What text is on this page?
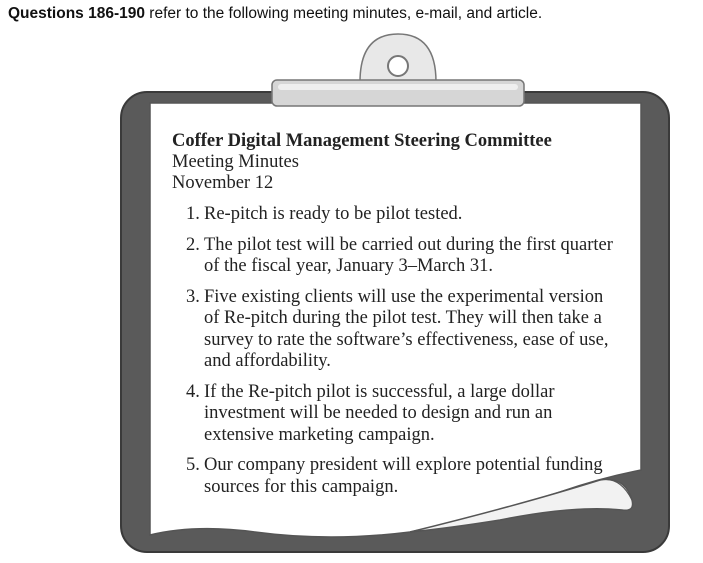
Questions 186-190 refer to the following meeting minutes, e-mail, and article.
Coffer Digital Management Steering Committee
Meeting Minutes
November 12
1. Re-pitch is ready to be pilot tested.
2. The pilot test will be carried out during the first quarter of the fiscal year, January 3–March 31.
3. Five existing clients will use the experimental version of Re-pitch during the pilot test. They will then take a survey to rate the software’s effectiveness, ease of use, and affordability.
4. If the Re-pitch pilot is successful, a large dollar investment will be needed to design and run an extensive marketing campaign.
5. Our company president will explore potential funding sources for this campaign.
